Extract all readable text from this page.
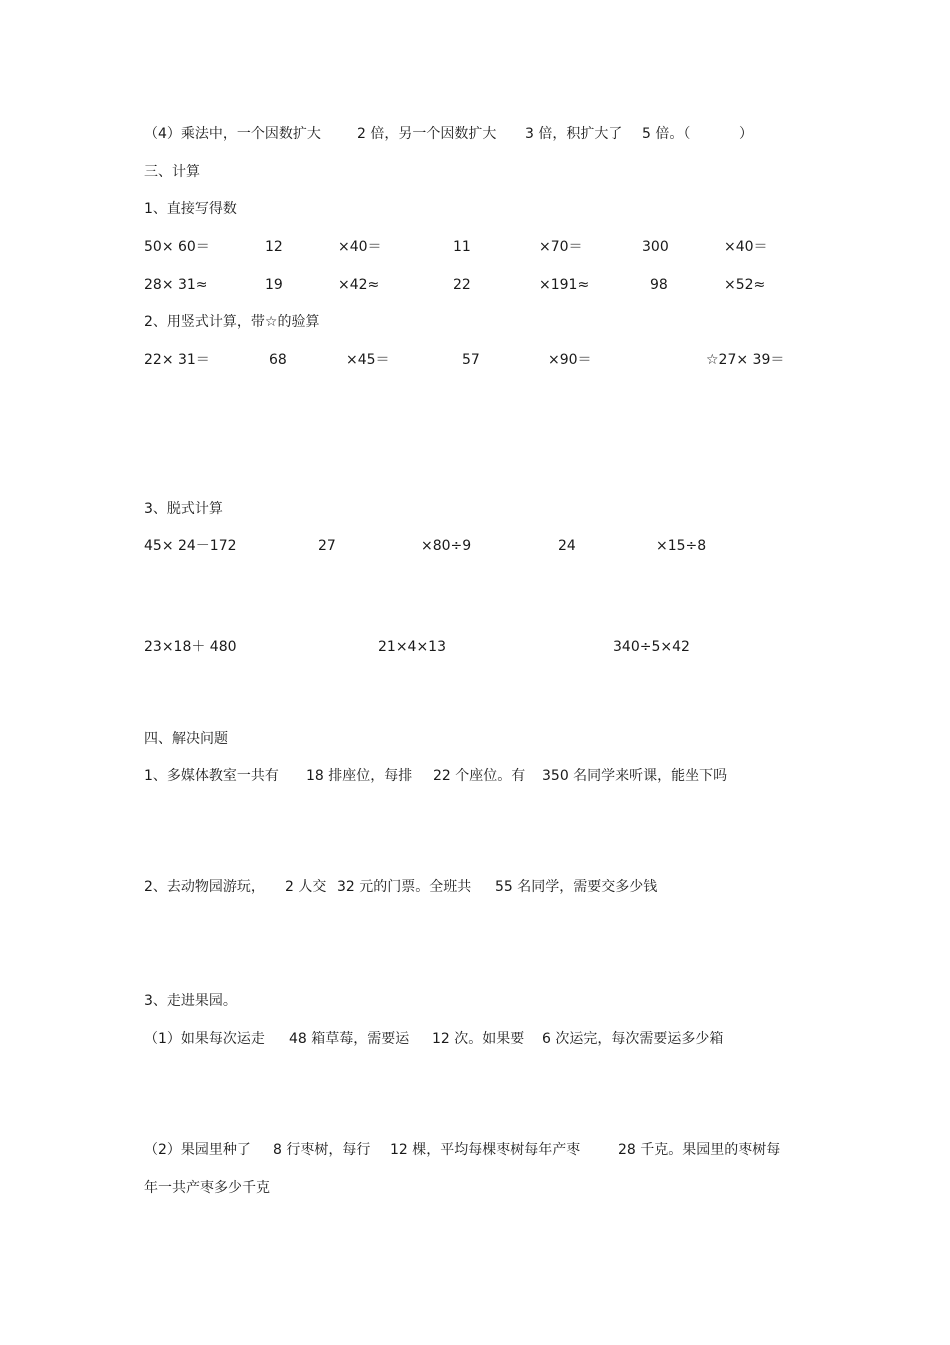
（4）乘法中，一个因数扩大	2 倍，另一个因数扩大 3 倍，积扩大了 5 倍。（	）
三、计算
1、直接写得数
50× 60＝	12	×40＝	11	×70＝	300	×40＝
28× 31≈	19	×42≈	22	×191≈	98	×52≈
2、用竖式计算，带☆的验算
22× 31＝	68	×45＝	57	×90＝	☆27× 39＝
3、脱式计算
45× 24－172	27	×80÷9	24	×15÷8
23×18＋ 480	21×4×13	340÷5×42
四、解决问题
1、多媒体教室一共有 18 排座位，每排 22 个座位。有 350 名同学来听课，能坐下吗
2、去动物园游玩， 2 人交 32 元的门票。全班共 55 名同学，需要交多少钱
3、走进果园。
（1）如果每次运走 48 箱草莓，需要运 12 次。如果要 6 次运完，每次需要运多少箱
（2）果园里种了 8 行枣树，每行 12 棵，平均每棵枣树每年产枣	28 千克。果园里的枣树每
年一共产枣多少千克
